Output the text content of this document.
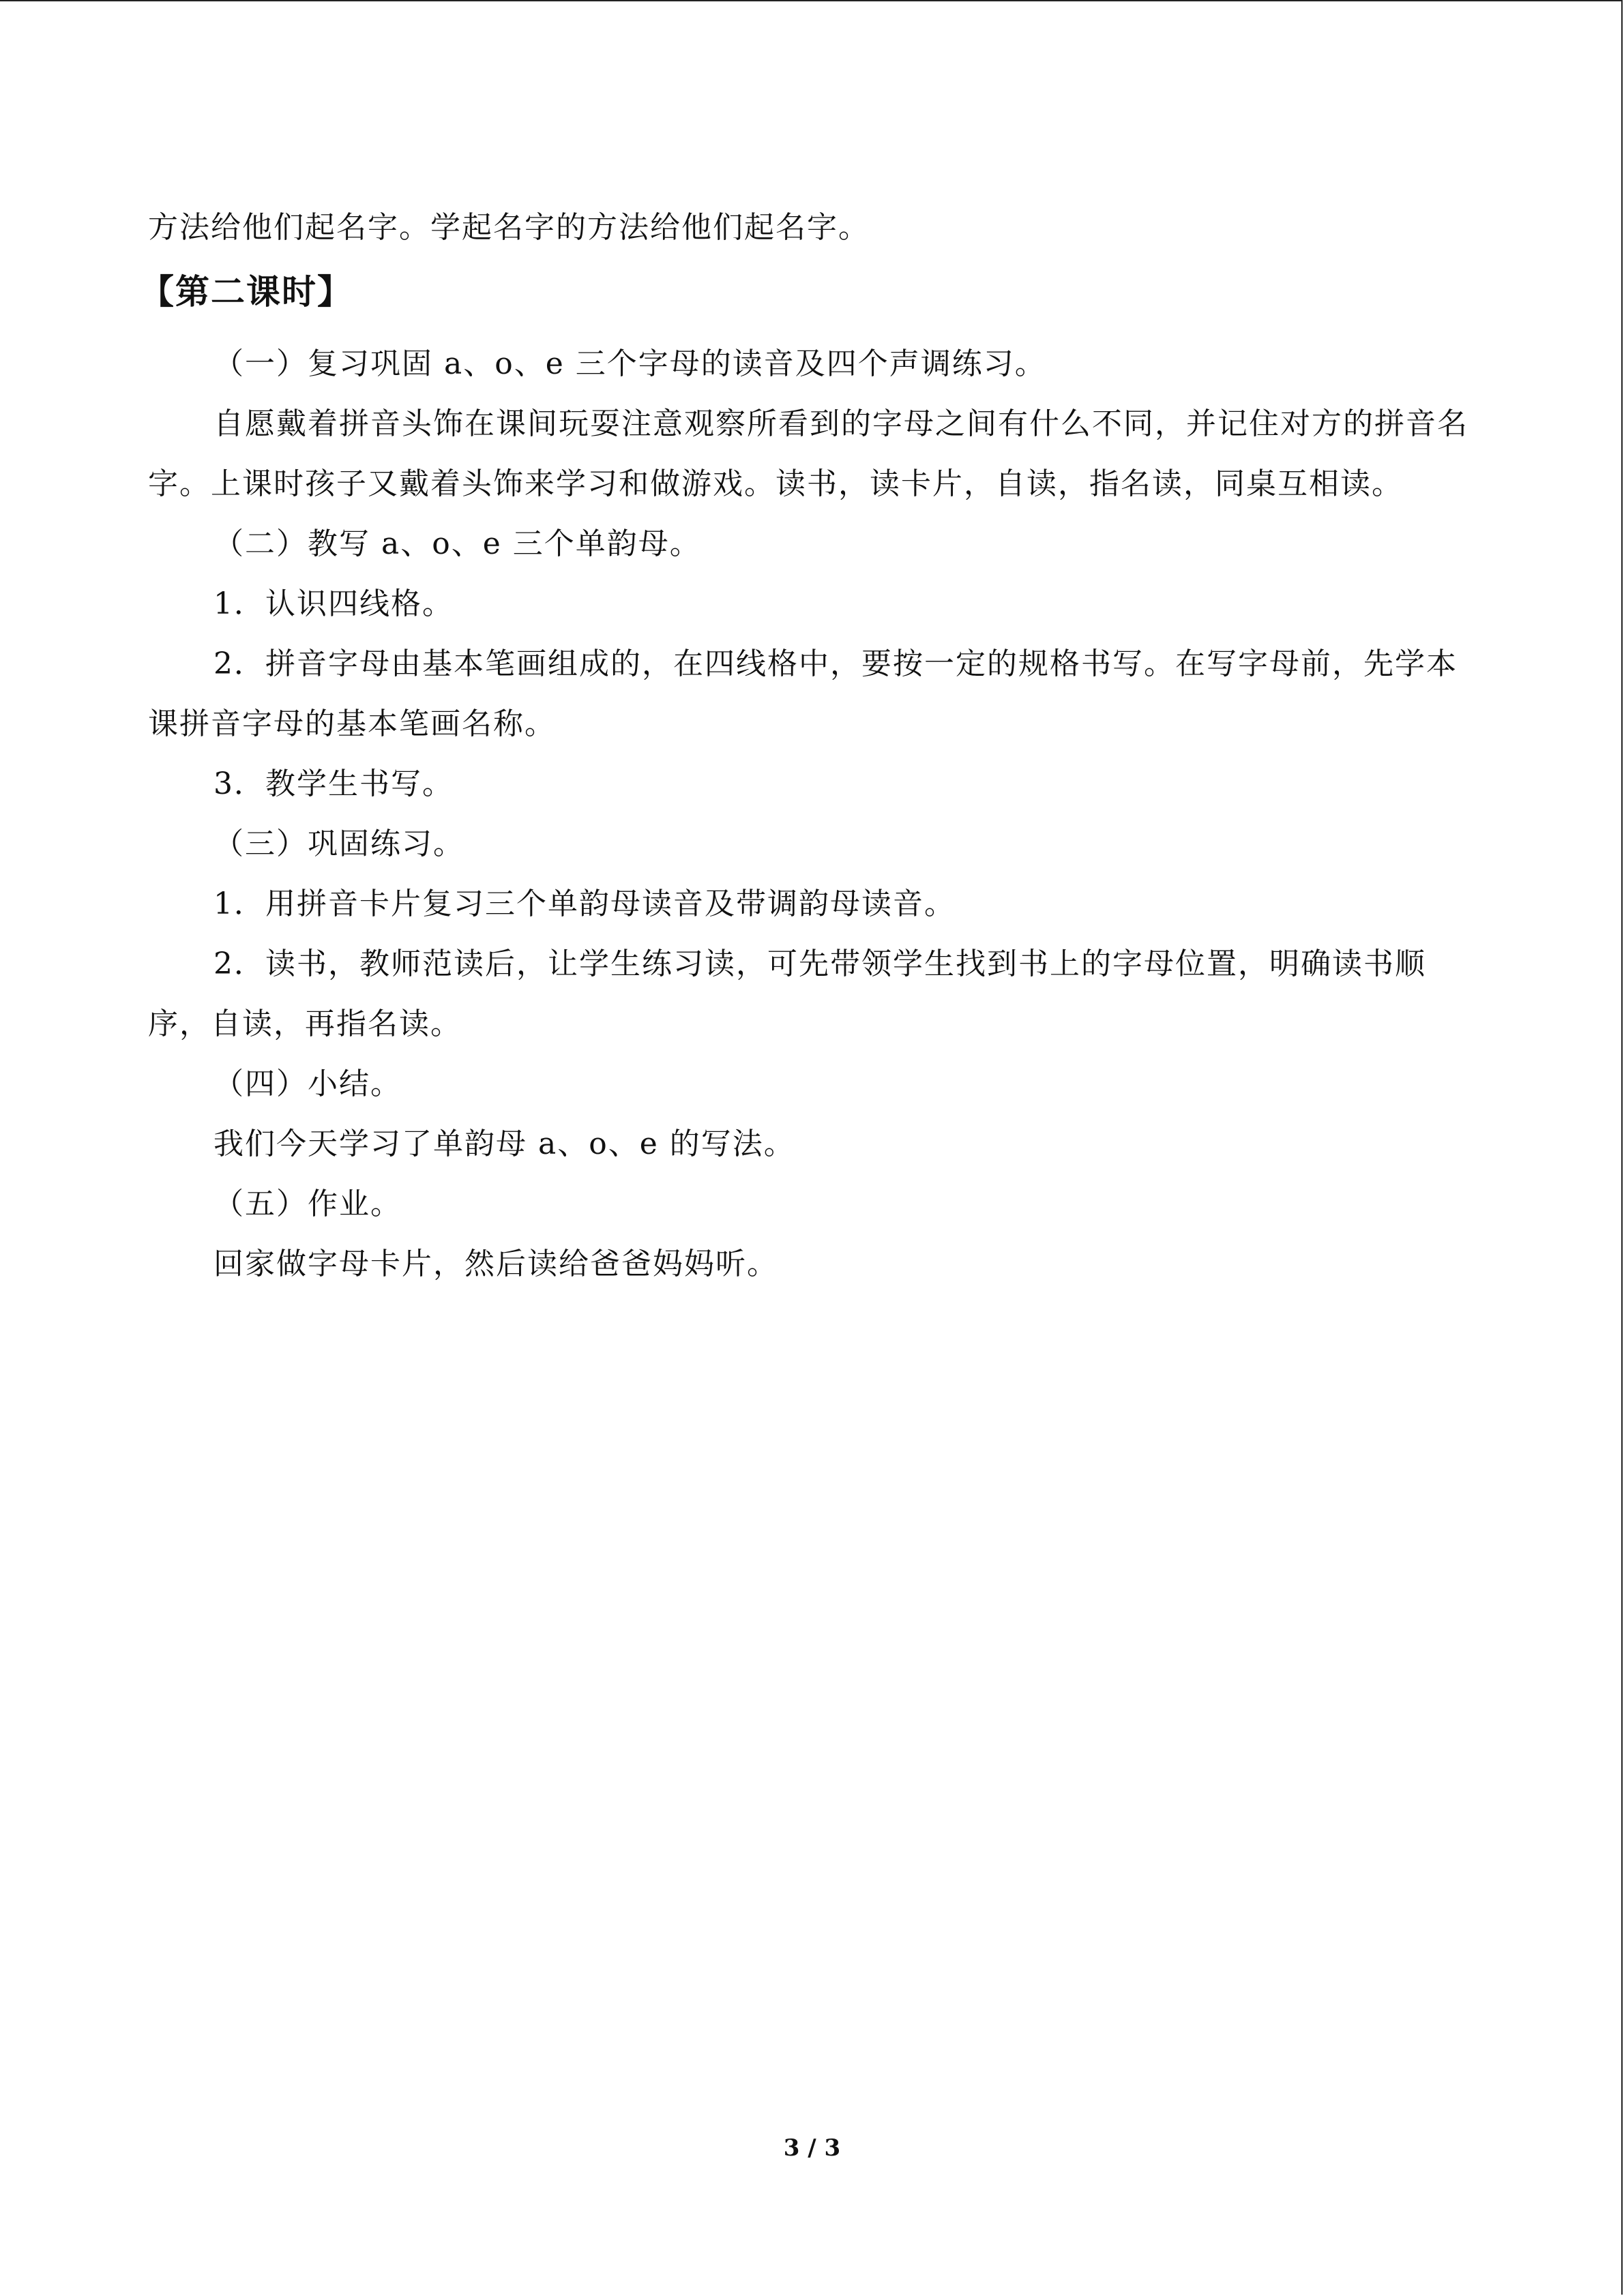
方法给他们起名字。学起名字的方法给他们起名字。

【第二课时】

（一）复习巩固 a、o、e 三个字母的读音及四个声调练习。

自愿戴着拼音头饰在课间玩耍注意观察所看到的字母之间有什么不同，并记住对方的拼音名字。上课时孩子又戴着头饰来学习和做游戏。读书，读卡片，自读，指名读，同桌互相读。

（二）教写 a、o、e 三个单韵母。

1．认识四线格。

2．拼音字母由基本笔画组成的，在四线格中，要按一定的规格书写。在写字母前，先学本课拼音字母的基本笔画名称。

3．教学生书写。

（三）巩固练习。

1．用拼音卡片复习三个单韵母读音及带调韵母读音。

2．读书，教师范读后，让学生练习读，可先带领学生找到书上的字母位置，明确读书顺序，自读，再指名读。

（四）小结。

我们今天学习了单韵母 a、o、e 的写法。

（五）作业。

回家做字母卡片，然后读给爸爸妈妈听。

3 / 3
